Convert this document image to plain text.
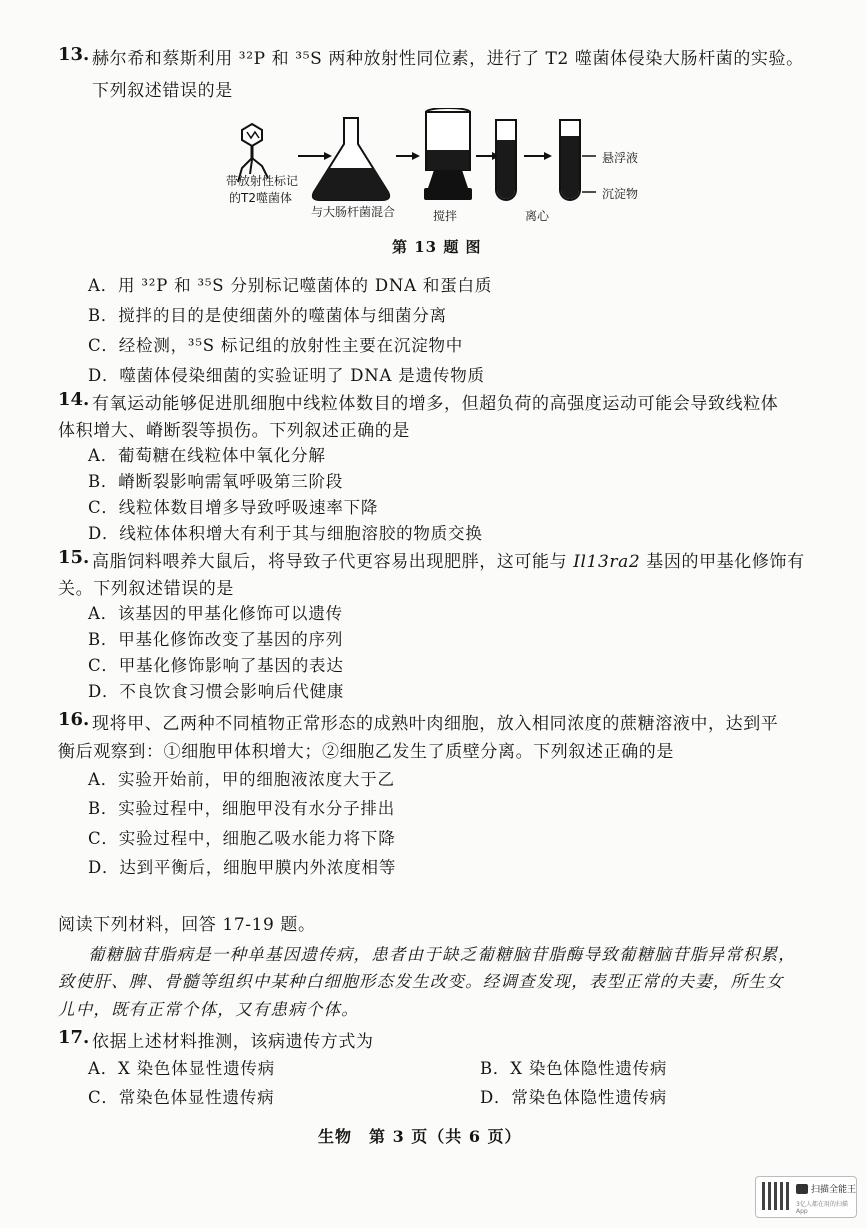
13. 赫尔希和蔡斯利用 ³²P 和 ³⁵S 两种放射性同位素，进行了 T2 噬菌体侵染大肠杆菌的实验。
下列叙述错误的是
带放射性标记
的T2噬菌体
与大肠杆菌混合	搅拌	离心
悬浮液
沉淀物
第 13 题 图
A．用 ³²P 和 ³⁵S 分别标记噬菌体的 DNA 和蛋白质
B．搅拌的目的是使细菌外的噬菌体与细菌分离
C．经检测，³⁵S 标记组的放射性主要在沉淀物中
D．噬菌体侵染细菌的实验证明了 DNA 是遗传物质
14. 有氧运动能够促进肌细胞中线粒体数目的增多，但超负荷的高强度运动可能会导致线粒体
体积增大、嵴断裂等损伤。下列叙述正确的是
A．葡萄糖在线粒体中氧化分解
B．嵴断裂影响需氧呼吸第三阶段
C．线粒体数目增多导致呼吸速率下降
D．线粒体体积增大有利于其与细胞溶胶的物质交换
15. 高脂饲料喂养大鼠后，将导致子代更容易出现肥胖，这可能与 Il13ra2 基因的甲基化修饰有
关。下列叙述错误的是
A．该基因的甲基化修饰可以遗传
B．甲基化修饰改变了基因的序列
C．甲基化修饰影响了基因的表达
D．不良饮食习惯会影响后代健康
16. 现将甲、乙两种不同植物正常形态的成熟叶肉细胞，放入相同浓度的蔗糖溶液中，达到平
衡后观察到：①细胞甲体积增大；②细胞乙发生了质壁分离。下列叙述正确的是
A．实验开始前，甲的细胞液浓度大于乙
B．实验过程中，细胞甲没有水分子排出
C．实验过程中，细胞乙吸水能力将下降
D．达到平衡后，细胞甲膜内外浓度相等
阅读下列材料，回答 17-19 题。
葡糖脑苷脂病是一种单基因遗传病，患者由于缺乏葡糖脑苷脂酶导致葡糖脑苷脂异常积累，
致使肝、脾、骨髓等组织中某种白细胞形态发生改变。经调查发现，表型正常的夫妻，所生女
儿中，既有正常个体，又有患病个体。
17. 依据上述材料推测，该病遗传方式为
A．X 染色体显性遗传病	B．X 染色体隐性遗传病
C．常染色体显性遗传病	D．常染色体隐性遗传病
生物　第 3 页（共 6 页）
扫描全能王
3亿人都在用的扫描App
